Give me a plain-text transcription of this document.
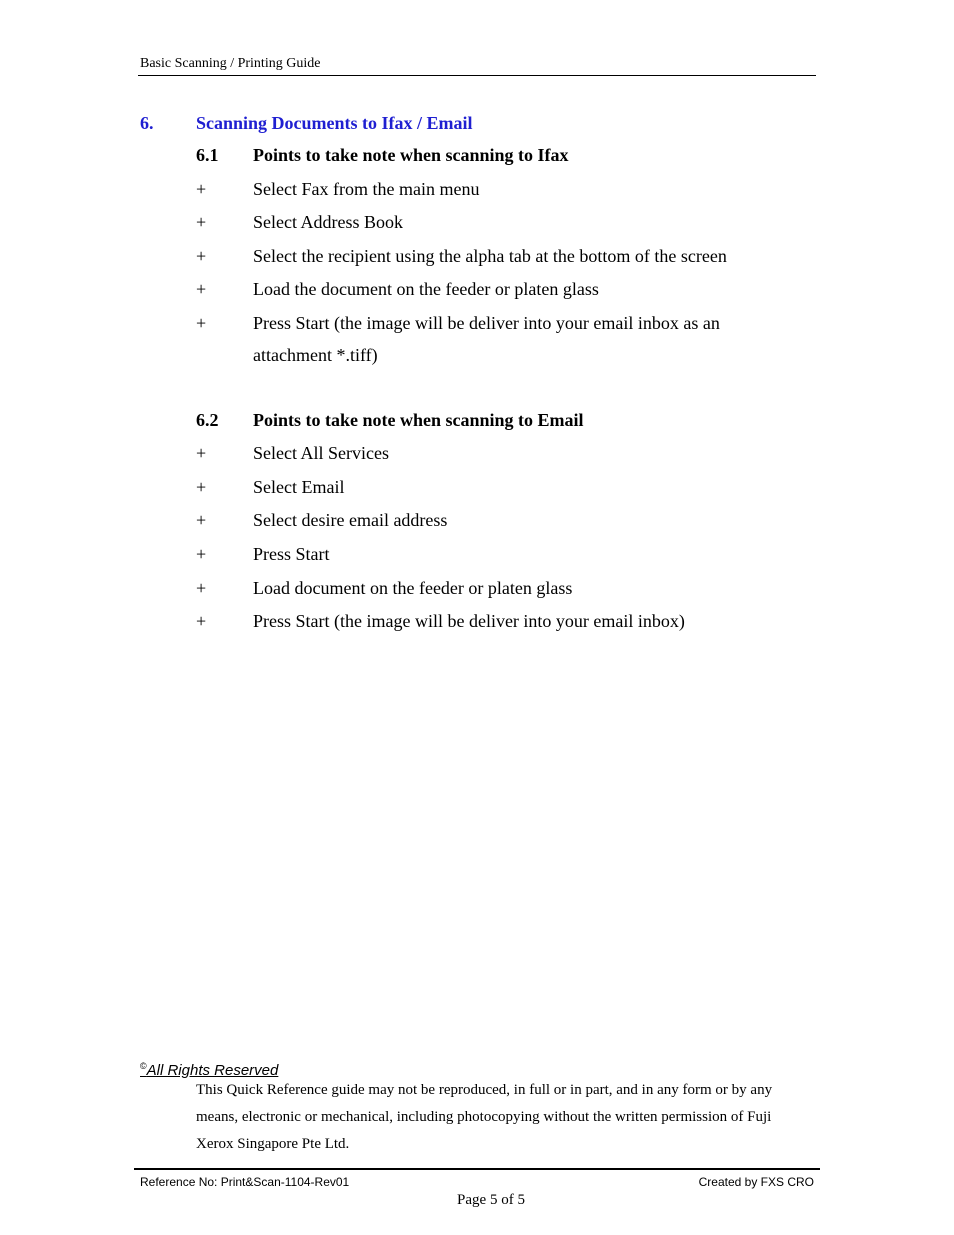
Basic Scanning / Printing Guide
6. Scanning Documents to Ifax / Email
6.1 Points to take note when scanning to Ifax
+	Select Fax from the main menu
+	Select Address Book
+	Select the recipient using the alpha tab at the bottom of the screen
+	Load the document on the feeder or platen glass
+	Press Start (the image will be deliver into your email inbox as an attachment *.tiff)
6.2 Points to take note when scanning to Email
+	Select All Services
+	Select Email
+	Select desire email address
+	Press Start
+	Load document on the feeder or platen glass
+	Press Start (the image will be deliver into your email inbox)
©All Rights Reserved
This Quick Reference guide may not be reproduced, in full or in part, and in any form or by any means, electronic or mechanical, including photocopying without the written permission of Fuji Xerox Singapore Pte Ltd.
Reference No: Print&Scan-1104-Rev01	Created by FXS CRO
Page 5 of 5
